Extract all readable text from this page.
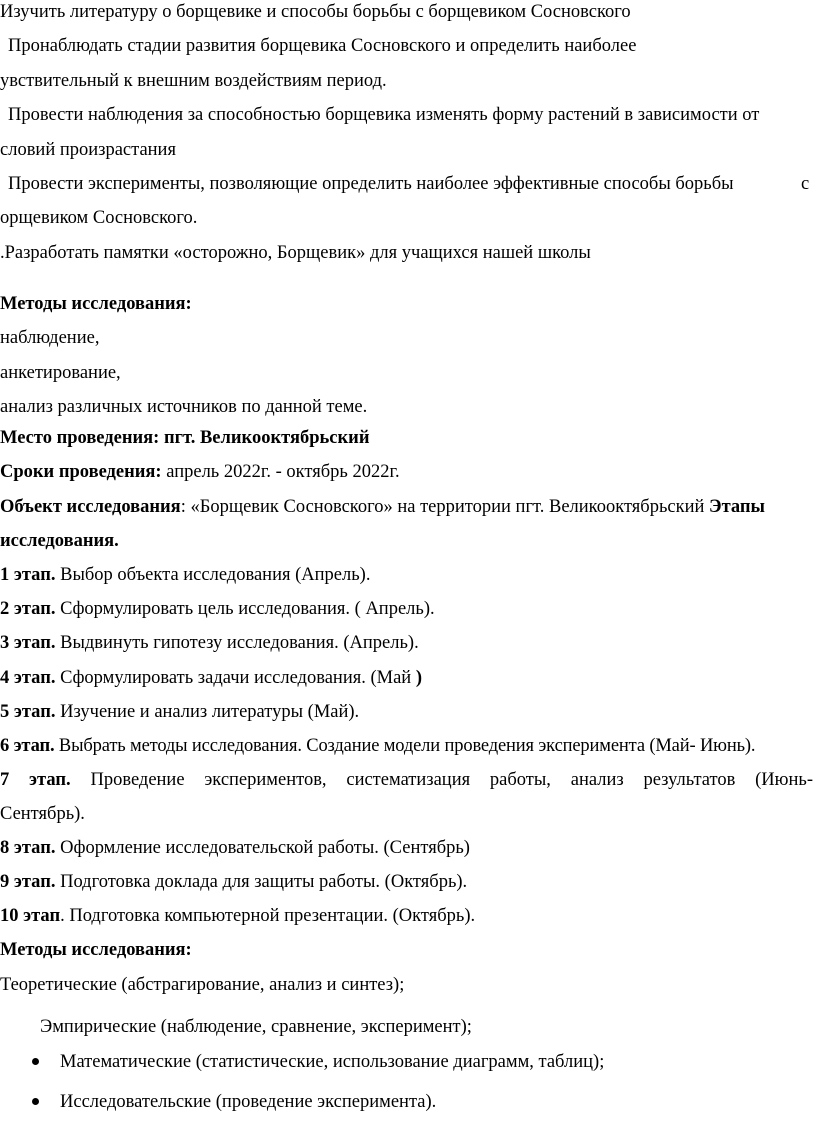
Изучить литературу о борщевике и способы борьбы с борщевиком Сосновского
Пронаблюдать стадии развития борщевика Сосновского и определить наиболее
увствительный к внешним воздействиям период.
Провести наблюдения за способностью борщевика изменять форму растений в зависимости от
словий произрастания
Провести эксперименты, позволяющие определить наиболее эффективные способы борьбы	с
орщевиком Сосновского.
.Разработать памятки «осторожно, Борщевик» для учащихся нашей школы
Методы исследования:
наблюдение,
анкетирование,
анализ различных источников по данной теме.
Место проведения: пгт. Великооктябрьский
Сроки проведения: апрель 2022г. - октябрь 2022г.
Объект исследования: «Борщевик Сосновского» на территории пгт. Великооктябрьский Этапы
исследования.
1 этап. Выбор объекта исследования (Апрель).
2 этап. Сформулировать цель исследования. ( Апрель).
3 этап. Выдвинуть гипотезу исследования. (Апрель).
4 этап. Сформулировать задачи исследования. (Май )
5 этап. Изучение и анализ литературы (Май).
6 этап. Выбрать методы исследования. Создание модели проведения эксперимента (Май- Июнь).
7 этап. Проведение экспериментов, систематизация работы, анализ результатов (Июнь-
Сентябрь).
8 этап. Оформление исследовательской работы. (Сентябрь)
9 этап. Подготовка доклада для защиты работы. (Октябрь).
10 этап. Подготовка компьютерной презентации. (Октябрь).
Методы исследования:
Теоретические (абстрагирование, анализ и синтез);
Эмпирические (наблюдение, сравнение, эксперимент);
Математические (статистические, использование диаграмм, таблиц);
Исследовательские (проведение эксперимента).
